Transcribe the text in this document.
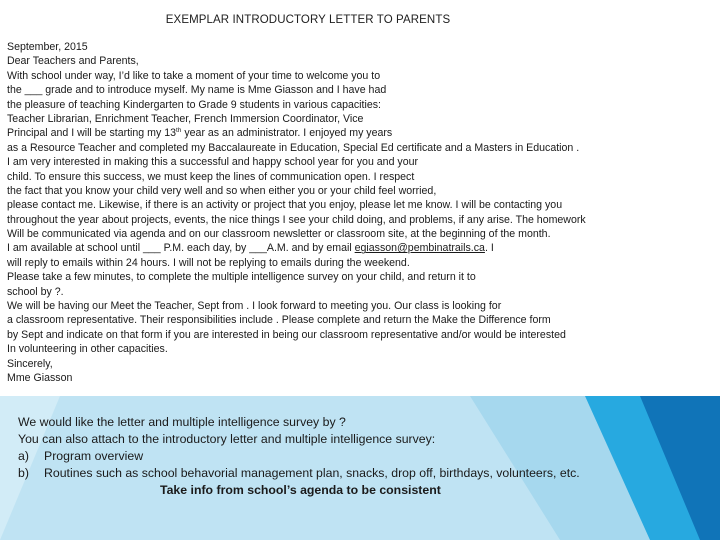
EXEMPLAR INTRODUCTORY LETTER TO PARENTS
September, 2015
Dear Teachers and Parents,
With school under way, I’d like to take a moment of your time to welcome you to
the ___ grade and to introduce myself. My name is Mme Giasson and I have had
the pleasure of teaching Kindergarten to Grade 9 students in various capacities:
Teacher Librarian, Enrichment Teacher, French Immersion Coordinator, Vice
Principal and I will be starting my 13th year as an administrator. I enjoyed my years
as a Resource Teacher and completed my Baccalaureate in Education, Special Ed certificate and a Masters in Education .
I am very interested in making this a successful and happy school year for you and your
child. To ensure this success, we must keep the lines of communication open. I respect
the fact that you know your child very well and so when either you or your child feel worried,
please contact me. Likewise, if there is an activity or project that you enjoy, please let me know. I will be contacting you
throughout the year about projects, events, the nice things I see your child doing, and problems, if any arise. The homework
Will be communicated via agenda and on our classroom newsletter or classroom site, at the beginning of the month.
I am available at school until ___ P.M. each day, by ___A.M. and by email egiasson@pembinatrails.ca. I
will reply to emails within 24 hours. I will not be replying to emails during the weekend.
Please take a few minutes, to complete the multiple intelligence survey on your child, and return it to
school by ?.
We will be having our Meet the Teacher, Sept from . I look forward to meeting you. Our class is looking for
a classroom representative. Their responsibilities include . Please complete and return the Make the Difference form
by Sept and indicate on that form if you are interested in being our classroom representative and/or would be interested
In volunteering in other capacities.
Sincerely,
Mme Giasson
We would like the letter and multiple intelligence survey by ?
You can also attach to the introductory letter and multiple intelligence survey:
a) Program overview
b) Routines such as school behavorial management plan, snacks, drop off, birthdays, volunteers, etc.
Take info from school’s agenda to be consistent
